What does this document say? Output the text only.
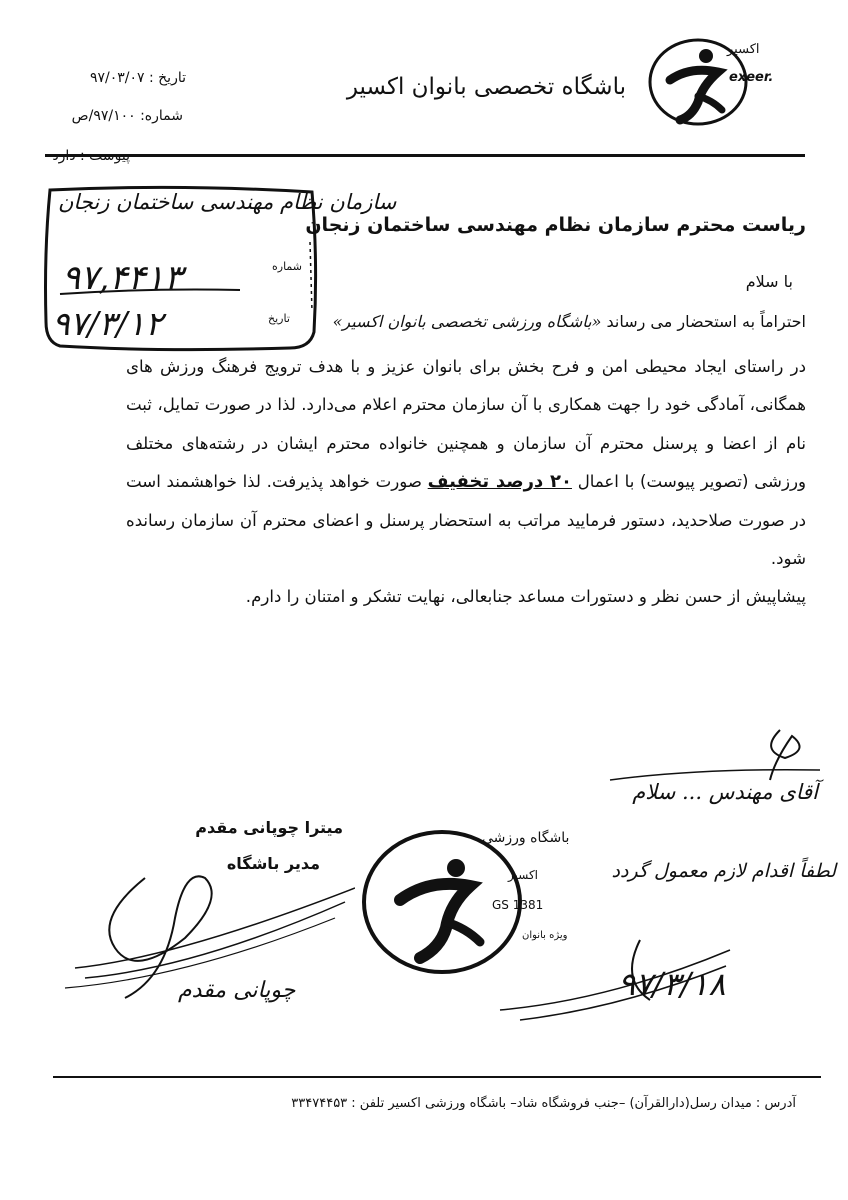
اکسیر
exeer.
باشگاه تخصصی بانوان اکسیر
تاریخ : ۹۷/۰۳/۰۷
شماره: ۹۷/۱۰۰/ص
سازمان نظام مهندسی ساختمان زنجان
شماره
۹۷,۴۴۱۳
تاریخ
۹۷/۳/۱۲
ریاست محترم سازمان نظام مهندسی ساختمان زنجان
با سلام
احتراماً به استحضار می رساند «باشگاه ورزشی تخصصی بانوان اکسیر»
در راستای ایجاد محیطی امن و فرح بخش برای بانوان عزیز و با هدف ترویج فرهنگ ورزش های همگانی، آمادگی خود را جهت همکاری با آن سازمان محترم اعلام می‌دارد. لذا در صورت تمایل، ثبت نام از اعضا و پرسنل محترم آن سازمان و همچنین خانواده محترم ایشان در رشته‌های مختلف ورزشی (تصویر پیوست) با اعمال ۲۰ درصد تخفیف صورت خواهد پذیرفت. لذا خواهشمند است در صورت صلاحدید، دستور فرمایید مراتب به استحضار پرسنل و اعضای محترم آن سازمان رسانده شود.
پیشاپیش از حسن نظر و دستورات مساعد جنابعالی، نهایت تشکر و امتنان را دارم.
میترا چوپانی مقدم
مدیر باشگاه
چوپانی مقدم
باشگاه ورزشی
اکسیر
GS 1381
ویژه بانوان
آقای مهندس ... سلام
لطفاً اقدام لازم معمول گردد
۹۷/۳/۱۸
آدرس : میدان رسل(دارالقرآن) –جنب فروشگاه شاد– باشگاه ورزشی اکسیر تلفن : ۳۳۴۷۴۴۵۳
